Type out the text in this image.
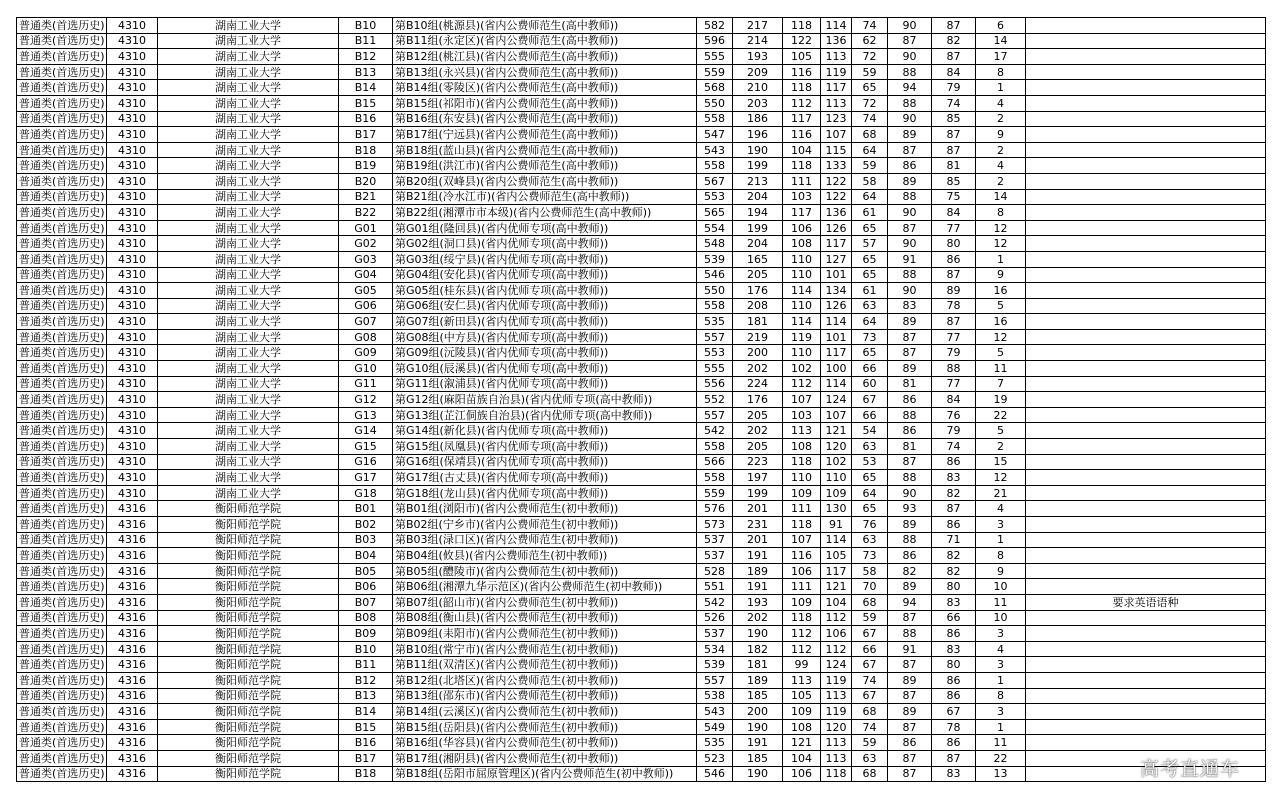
普通类(首选历史)	4310	湖南工业大学	B10	第B10组(桃源县)(省内公费师范生(高中教师))	582	217	118	114	74	90	87	6	
普通类(首选历史)	4310	湖南工业大学	B11	第B11组(永定区)(省内公费师范生(高中教师))	596	214	122	136	62	87	82	14	
普通类(首选历史)	4310	湖南工业大学	B12	第B12组(桃江县)(省内公费师范生(高中教师))	555	193	105	113	72	90	87	17	
普通类(首选历史)	4310	湖南工业大学	B13	第B13组(永兴县)(省内公费师范生(高中教师))	559	209	116	119	59	88	84	8	
普通类(首选历史)	4310	湖南工业大学	B14	第B14组(零陵区)(省内公费师范生(高中教师))	568	210	118	117	65	94	79	1	
普通类(首选历史)	4310	湖南工业大学	B15	第B15组(祁阳市)(省内公费师范生(高中教师))	550	203	112	113	72	88	74	4	
普通类(首选历史)	4310	湖南工业大学	B16	第B16组(东安县)(省内公费师范生(高中教师))	558	186	117	123	74	90	85	2	
普通类(首选历史)	4310	湖南工业大学	B17	第B17组(宁远县)(省内公费师范生(高中教师))	547	196	116	107	68	89	87	9	
普通类(首选历史)	4310	湖南工业大学	B18	第B18组(蓝山县)(省内公费师范生(高中教师))	543	190	104	115	64	87	87	2	
普通类(首选历史)	4310	湖南工业大学	B19	第B19组(洪江市)(省内公费师范生(高中教师))	558	199	118	133	59	86	81	4	
普通类(首选历史)	4310	湖南工业大学	B20	第B20组(双峰县)(省内公费师范生(高中教师))	567	213	111	122	58	89	85	2	
普通类(首选历史)	4310	湖南工业大学	B21	第B21组(冷水江市)(省内公费师范生(高中教师))	553	204	103	122	64	88	75	14	
普通类(首选历史)	4310	湖南工业大学	B22	第B22组(湘潭市市本级)(省内公费师范生(高中教师))	565	194	117	136	61	90	84	8	
普通类(首选历史)	4310	湖南工业大学	G01	第G01组(隆回县)(省内优师专项(高中教师))	554	199	106	126	65	87	77	12	
普通类(首选历史)	4310	湖南工业大学	G02	第G02组(洞口县)(省内优师专项(高中教师))	548	204	108	117	57	90	80	12	
普通类(首选历史)	4310	湖南工业大学	G03	第G03组(绥宁县)(省内优师专项(高中教师))	539	165	110	127	65	91	86	1	
普通类(首选历史)	4310	湖南工业大学	G04	第G04组(安化县)(省内优师专项(高中教师))	546	205	110	101	65	88	87	9	
普通类(首选历史)	4310	湖南工业大学	G05	第G05组(桂东县)(省内优师专项(高中教师))	550	176	114	134	61	90	89	16	
普通类(首选历史)	4310	湖南工业大学	G06	第G06组(安仁县)(省内优师专项(高中教师))	558	208	110	126	63	83	78	5	
普通类(首选历史)	4310	湖南工业大学	G07	第G07组(新田县)(省内优师专项(高中教师))	535	181	114	114	64	89	87	16	
普通类(首选历史)	4310	湖南工业大学	G08	第G08组(中方县)(省内优师专项(高中教师))	557	219	119	101	73	87	77	12	
普通类(首选历史)	4310	湖南工业大学	G09	第G09组(沅陵县)(省内优师专项(高中教师))	553	200	110	117	65	87	79	5	
普通类(首选历史)	4310	湖南工业大学	G10	第G10组(辰溪县)(省内优师专项(高中教师))	555	202	102	100	66	89	88	11	
普通类(首选历史)	4310	湖南工业大学	G11	第G11组(溆浦县)(省内优师专项(高中教师))	556	224	112	114	60	81	77	7	
普通类(首选历史)	4310	湖南工业大学	G12	第G12组(麻阳苗族自治县)(省内优师专项(高中教师))	552	176	107	124	67	86	84	19	
普通类(首选历史)	4310	湖南工业大学	G13	第G13组(芷江侗族自治县)(省内优师专项(高中教师))	557	205	103	107	66	88	76	22	
普通类(首选历史)	4310	湖南工业大学	G14	第G14组(新化县)(省内优师专项(高中教师))	542	202	113	121	54	86	79	5	
普通类(首选历史)	4310	湖南工业大学	G15	第G15组(凤凰县)(省内优师专项(高中教师))	558	205	108	120	63	81	74	2	
普通类(首选历史)	4310	湖南工业大学	G16	第G16组(保靖县)(省内优师专项(高中教师))	566	223	118	102	53	87	86	15	
普通类(首选历史)	4310	湖南工业大学	G17	第G17组(古丈县)(省内优师专项(高中教师))	558	197	110	110	65	88	83	12	
普通类(首选历史)	4310	湖南工业大学	G18	第G18组(龙山县)(省内优师专项(高中教师))	559	199	109	109	64	90	82	21	
普通类(首选历史)	4316	衡阳师范学院	B01	第B01组(浏阳市)(省内公费师范生(初中教师))	576	201	111	130	65	93	87	4	
普通类(首选历史)	4316	衡阳师范学院	B02	第B02组(宁乡市)(省内公费师范生(初中教师))	573	231	118	91	76	89	86	3	
普通类(首选历史)	4316	衡阳师范学院	B03	第B03组(渌口区)(省内公费师范生(初中教师))	537	201	107	114	63	88	71	1	
普通类(首选历史)	4316	衡阳师范学院	B04	第B04组(攸县)(省内公费师范生(初中教师))	537	191	116	105	73	86	82	8	
普通类(首选历史)	4316	衡阳师范学院	B05	第B05组(醴陵市)(省内公费师范生(初中教师))	528	189	106	117	58	82	82	9	
普通类(首选历史)	4316	衡阳师范学院	B06	第B06组(湘潭九华示范区)(省内公费师范生(初中教师))	551	191	111	121	70	89	80	10	
普通类(首选历史)	4316	衡阳师范学院	B07	第B07组(韶山市)(省内公费师范生(初中教师))	542	193	109	104	68	94	83	11	要求英语语种
普通类(首选历史)	4316	衡阳师范学院	B08	第B08组(衡山县)(省内公费师范生(初中教师))	526	202	118	112	59	87	66	10	
普通类(首选历史)	4316	衡阳师范学院	B09	第B09组(耒阳市)(省内公费师范生(初中教师))	537	190	112	106	67	88	86	3	
普通类(首选历史)	4316	衡阳师范学院	B10	第B10组(常宁市)(省内公费师范生(初中教师))	534	182	112	112	66	91	83	4	
普通类(首选历史)	4316	衡阳师范学院	B11	第B11组(双清区)(省内公费师范生(初中教师))	539	181	99	124	67	87	80	3	
普通类(首选历史)	4316	衡阳师范学院	B12	第B12组(北塔区)(省内公费师范生(初中教师))	557	189	113	119	74	89	86	1	
普通类(首选历史)	4316	衡阳师范学院	B13	第B13组(邵东市)(省内公费师范生(初中教师))	538	185	105	113	67	87	86	8	
普通类(首选历史)	4316	衡阳师范学院	B14	第B14组(云溪区)(省内公费师范生(初中教师))	543	200	109	119	68	89	67	3	
普通类(首选历史)	4316	衡阳师范学院	B15	第B15组(岳阳县)(省内公费师范生(初中教师))	549	190	108	120	74	87	78	1	
普通类(首选历史)	4316	衡阳师范学院	B16	第B16组(华容县)(省内公费师范生(初中教师))	535	191	121	113	59	86	86	11	
普通类(首选历史)	4316	衡阳师范学院	B17	第B17组(湘阴县)(省内公费师范生(初中教师))	523	185	104	113	63	87	87	22	
普通类(首选历史)	4316	衡阳师范学院	B18	第B18组(岳阳市屈原管理区)(省内公费师范生(初中教师))	546	190	106	118	68	87	83	13		高考直通车
